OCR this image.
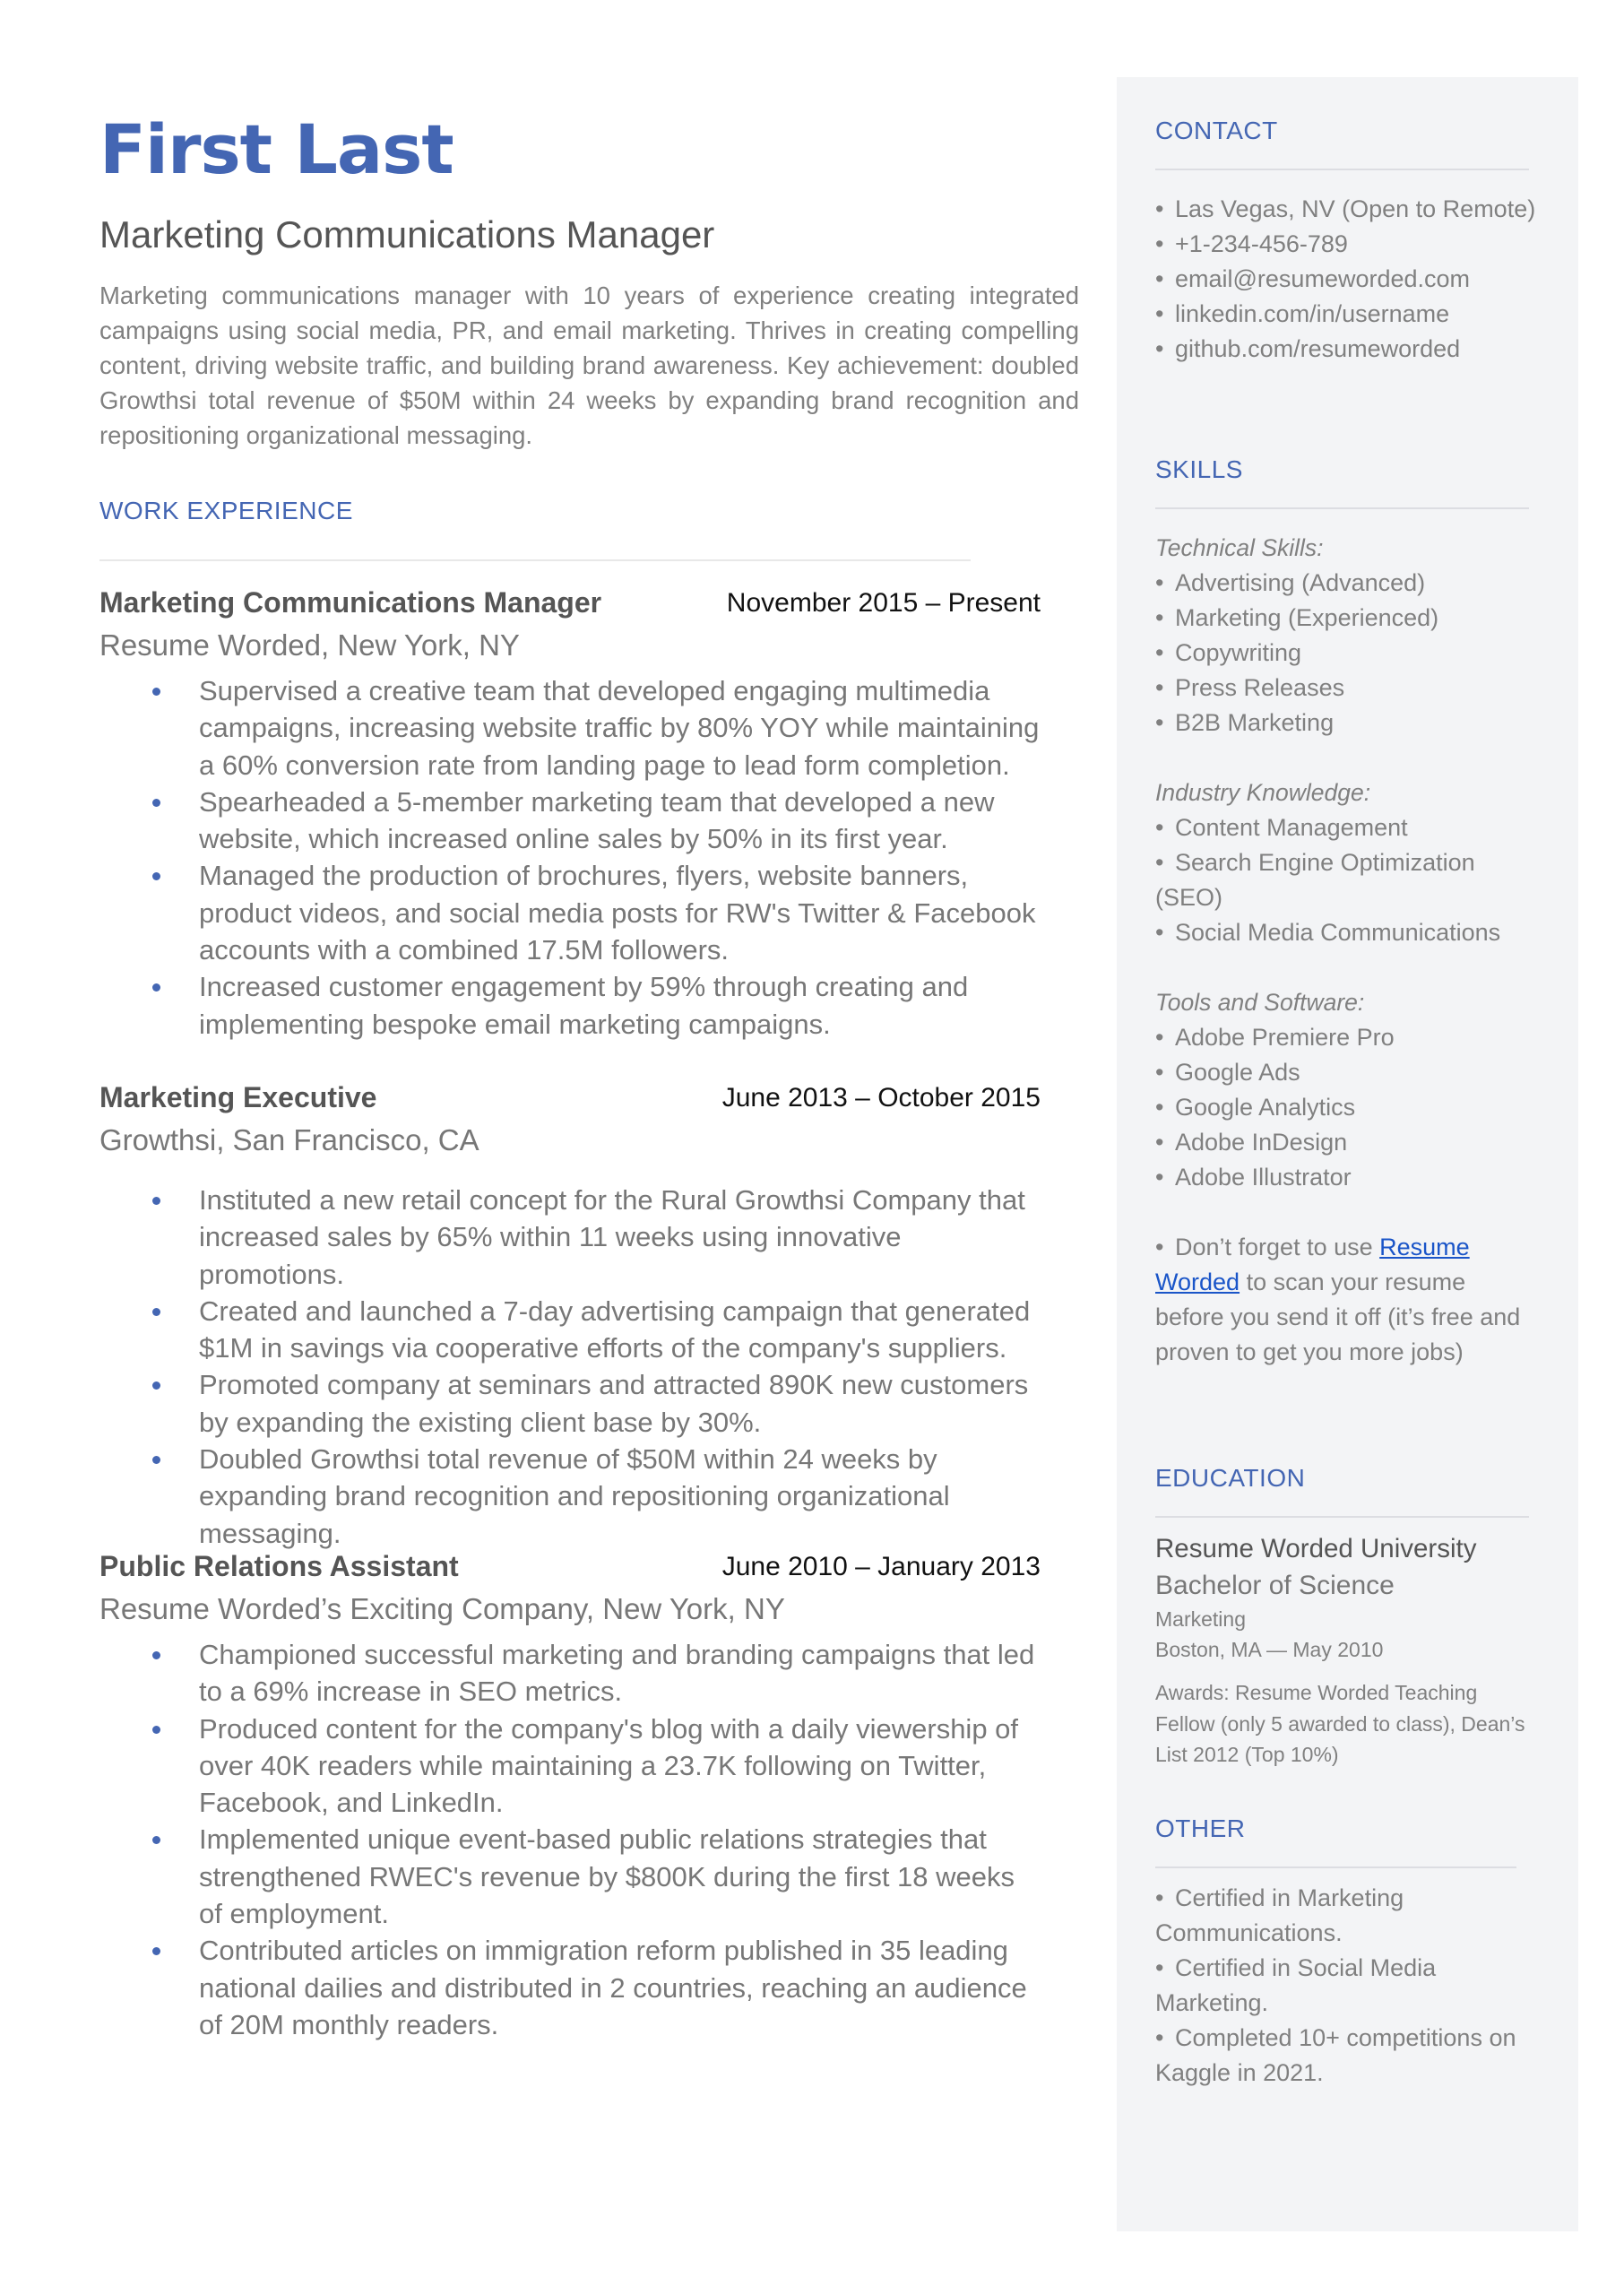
First Last
Marketing Communications Manager

Marketing communications manager with 10 years of experience creating integrated campaigns using social media, PR, and email marketing. Thrives in creating compelling content, driving website traffic, and building brand awareness. Key achievement: doubled Growthsi total revenue of $50M within 24 weeks by expanding brand recognition and repositioning organizational messaging.

WORK EXPERIENCE
Marketing Communications Manager	November 2015 – Present
Resume Worded, New York, NY
Supervised a creative team that developed engaging multimedia campaigns, increasing website traffic by 80% YOY while maintaining a 60% conversion rate from landing page to lead form completion.
Spearheaded a 5-member marketing team that developed a new website, which increased online sales by 50% in its first year.
Managed the production of brochures, flyers, website banners, product videos, and social media posts for RW's Twitter & Facebook accounts with a combined 17.5M followers.
Increased customer engagement by 59% through creating and implementing bespoke email marketing campaigns.
Marketing Executive	June 2013 – October 2015
Growthsi, San Francisco, CA
Instituted a new retail concept for the Rural Growthsi Company that increased sales by 65% within 11 weeks using innovative promotions.
Created and launched a 7-day advertising campaign that generated $1M in savings via cooperative efforts of the company's suppliers.
Promoted company at seminars and attracted 890K new customers by expanding the existing client base by 30%.
Doubled Growthsi total revenue of $50M within 24 weeks by expanding brand recognition and repositioning organizational messaging.
Public Relations Assistant	June 2010 – January 2013
Resume Worded’s Exciting Company, New York, NY
Championed successful marketing and branding campaigns that led to a 69% increase in SEO metrics.
Produced content for the company's blog with a daily viewership of over 40K readers while maintaining a 23.7K following on Twitter, Facebook, and LinkedIn.
Implemented unique event-based public relations strategies that strengthened RWEC's revenue by $800K during the first 18 weeks of employment.
Contributed articles on immigration reform published in 35 leading national dailies and distributed in 2 countries, reaching an audience of 20M monthly readers.
CONTACT
• Las Vegas, NV (Open to Remote)
• +1-234-456-789
• email@resumeworded.com
• linkedin.com/in/username
• github.com/resumeworded
SKILLS
Technical Skills:
• Advertising (Advanced)
• Marketing (Experienced)
• Copywriting
• Press Releases
• B2B Marketing
Industry Knowledge:
• Content Management
• Search Engine Optimization (SEO)
• Social Media Communications
Tools and Software:
• Adobe Premiere Pro
• Google Ads
• Google Analytics
• Adobe InDesign
• Adobe Illustrator
• Don’t forget to use Resume Worded to scan your resume before you send it off (it’s free and proven to get you more jobs)
EDUCATION
Resume Worded University
Bachelor of Science
Marketing
Boston, MA — May 2010
Awards: Resume Worded Teaching Fellow (only 5 awarded to class), Dean’s List 2012 (Top 10%)
OTHER
• Certified in Marketing Communications.
• Certified in Social Media Marketing.
• Completed 10+ competitions on Kaggle in 2021.
